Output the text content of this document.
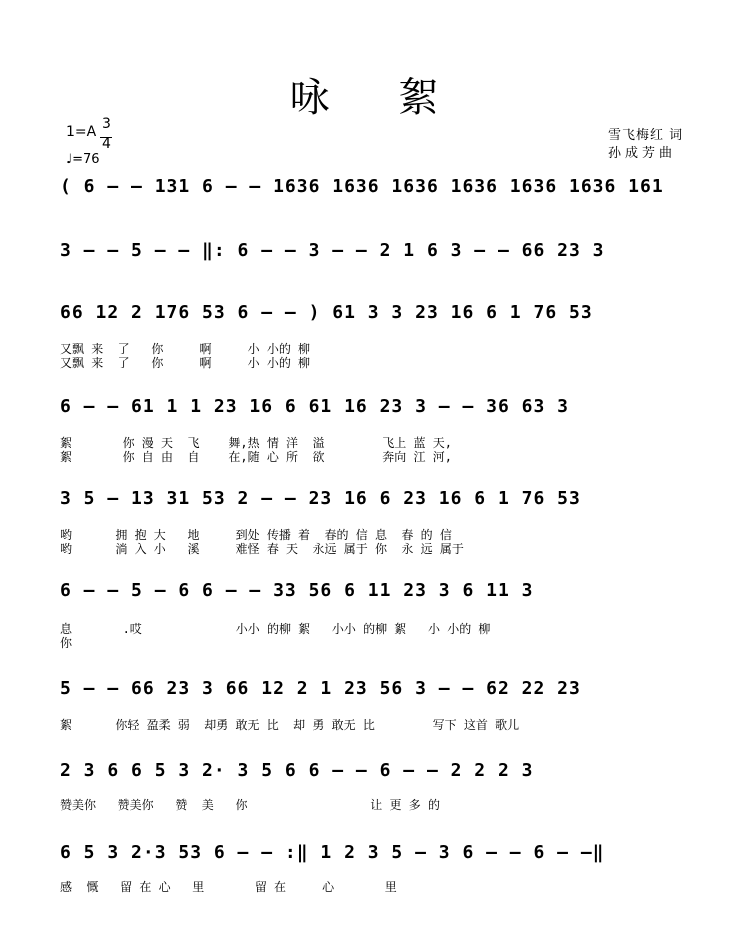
咏 絮
1=A 3
4
♩=76
雪飞梅红 词
孙成芳曲
( 6 – – 131 6 – – 1636 1636 1636 1636 1636 1636 161
3 – – 5 – – ‖: 6 – – 3 – – 2 1 6 3 – – 66 23 3
66 12 2 176 53 6 – – ) 61 3 3 23 16 6 1 76 53
又飘 来  了   你     啊     小 小的 柳
又飘 来  了   你     啊     小 小的 柳
6 – – 61 1 1 23 16 6 61 16 23 3 – – 36 63 3
絮       你 漫 天  飞    舞,热 情 洋  溢        飞上 蓝 天,
絮       你 自 由  自    在,随 心 所  欲        奔向 江 河,
3 5 – 13 31 53 2 – – 23 16 6 23 16 6 1 76 53
哟      拥 抱 大   地     到处 传播 着  春的 信 息  春 的 信
哟      淌 入 小   溪     难怪 春 天  永远 属于 你  永 远 属于
6 – – 5 – 6 6 – – 33 56 6 11 23 3 6 11 3
息       .哎             小小 的柳 絮   小小 的柳 絮   小 小的 柳
你
5 – – 66 23 3 66 12 2 1 23 56 3 – – 62 22 23
絮      你轻 盈柔 弱  却勇 敢无 比  却 勇 敢无 比        写下 这首 歌儿
2 3 6 6 5 3 2· 3 5 6 6 – – 6 – – 2 2 2 3
赞美你   赞美你   赞  美   你                 让 更 多 的
6 5 3 2·3 53 6 – – :‖ 1 2 3 5 – 3 6 – – 6 – –‖
感  慨   留 在 心   里       留 在     心       里
